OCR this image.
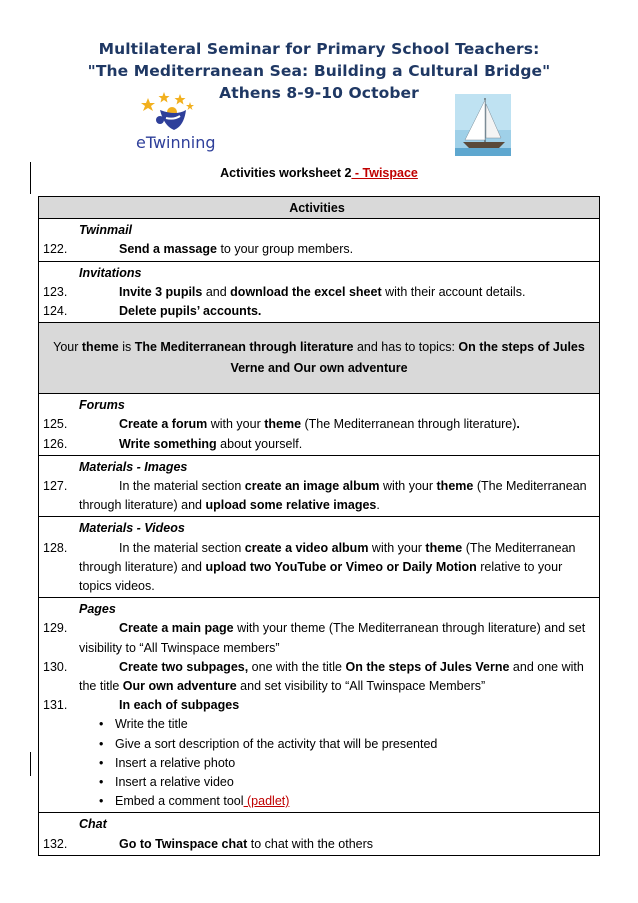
Multilateral Seminar for Primary School Teachers:
"The Mediterranean Sea: Building a Cultural Bridge"
Athens 8-9-10 October
eTwinning
Activities worksheet 2 - Twispace
Activities

Twinmail
122.	Send a massage to your group members.

Invitations
123.	Invite 3 pupils and download the excel sheet with their account details.
124.	Delete pupils’ accounts.

Your theme is The Mediterranean through literature and has to topics: On the steps of Jules Verne and Our own adventure

Forums
125.	Create a forum with your theme (The Mediterranean through literature).
126.	Write something about yourself.

Materials - Images
127.	In the material section create an image album with your theme (The Mediterranean through literature) and upload some relative images.

Materials - Videos
128.	In the material section create a video album with your theme (The Mediterranean through literature) and upload two YouTube or Vimeo or Daily Motion relative to your topics videos.

Pages
129.	Create a main page with your theme (The Mediterranean through literature) and set visibility to “All Twinspace members”
130.	Create two subpages, one with the title On the steps of Jules Verne and one with the title Our own adventure and set visibility to “All Twinspace Members”
131.	In each of subpages
• Write the title
• Give a sort description of the activity that will be presented
• Insert a relative photo
• Insert a relative video
• Embed a comment tool (padlet)

Chat
132.	Go to Twinspace chat to chat with the others
